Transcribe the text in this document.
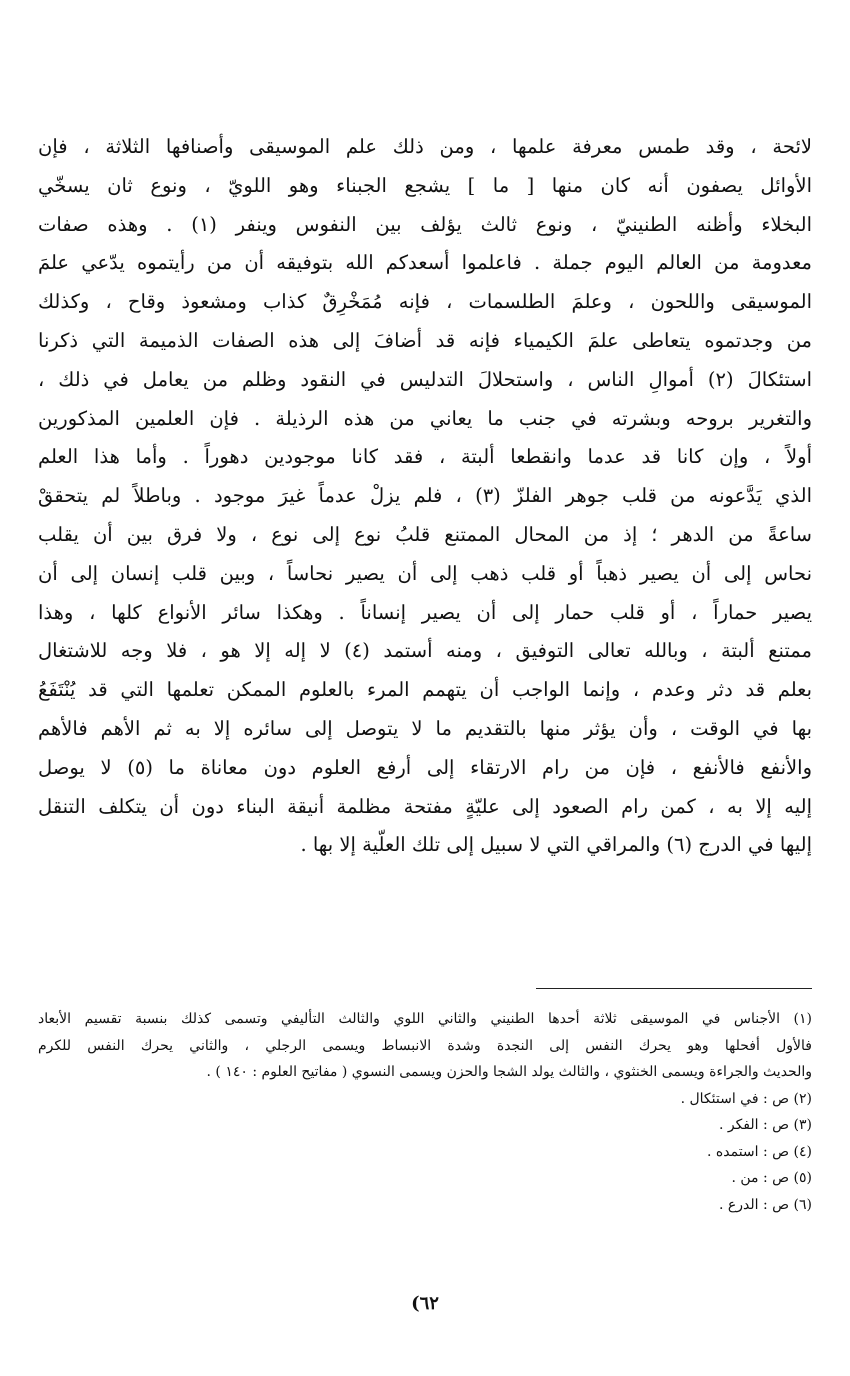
لائحة ، وقد طمس معرفة علمها ، ومن ذلك علم الموسيقى وأصنافها الثلاثة ، فإن
الأوائل يصفون أنه كان منها [ ما ] يشجع الجبناء وهو اللويّ ، ونوع ثان يسخّي
البخلاء وأظنه الطنينيّ ، ونوع ثالث يؤلف بين النفوس وينفر (١) . وهذه صفات
معدومة من العالم اليوم جملة . فاعلموا أسعدكم الله بتوفيقه أن من رأيتموه يدّعي علمَ
الموسيقى واللحون ، وعلمَ الطلسمات ، فإنه مُمَخْرِقٌ كذاب ومشعوذ وقاح ، وكذلك
من وجدتموه يتعاطى علمَ الكيمياء فإنه قد أضافَ إلى هذه الصفات الذميمة التي ذكرنا
استئكالَ (٢) أموالِ الناس ، واستحلالَ التدليس في النقود وظلم من يعامل في ذلك ،
والتغرير بروحه وبشرته في جنب ما يعاني من هذه الرذيلة . فإن العلمين المذكورين
أولاً ، وإن كانا قد عدما وانقطعا ألبتة ، فقد كانا موجودين دهوراً . وأما هذا العلم
الذي يَدَّعونه من قلب جوهر الفلزّ (٣) ، فلم يزلْ عدماً غيرَ موجود . وباطلاً لم يتحققْ
ساعةً من الدهر ؛ إذ من المحال الممتنع قلبُ نوع إلى نوع ، ولا فرق بين أن يقلب
نحاس إلى أن يصير ذهباً أو قلب ذهب إلى أن يصير نحاساً ، وبين قلب إنسان إلى أن
يصير حماراً ، أو قلب حمار إلى أن يصير إنساناً . وهكذا سائر الأنواع كلها ، وهذا
ممتنع ألبتة ، وبالله تعالى التوفيق ، ومنه أستمد (٤) لا إله إلا هو ، فلا وجه للاشتغال
بعلم قد دثر وعدم ، وإنما الواجب أن يتهمم المرء بالعلوم الممكن تعلمها التي قد يُنْتَفَعُ
بها في الوقت ، وأن يؤثر منها بالتقديم ما لا يتوصل إلى سائره إلا به ثم الأهم فالأهم
والأنفع فالأنفع ، فإن من رام الارتقاء إلى أرفع العلوم دون معاناة ما (٥) لا يوصل
إليه إلا به ، كمن رام الصعود إلى عليّةٍ مفتحة مظلمة أنيقة البناء دون أن يتكلف التنقل
إليها في الدرج (٦) والمراقي التي لا سبيل إلى تلك العلّية إلا بها .
(١) الأجناس في الموسيقى ثلاثة أحدها الطنيني والثاني اللوي والثالث التأليفي وتسمى كذلك بنسبة تقسيم الأبعاد
فالأول أفحلها وهو يحرك النفس إلى النجدة وشدة الانبساط ويسمى الرجلي ، والثاني يحرك النفس للكرم
والحديث والجراءة ويسمى الخنثوي ، والثالث يولد الشجا والحزن ويسمى النسوي ( مفاتيح العلوم : ١٤٠ ) .
(٢) ص : في استئكال .
(٣) ص : الفكر .
(٤) ص : استمده .
(٥) ص : من .
(٦) ص : الدرع .
٦٢)
